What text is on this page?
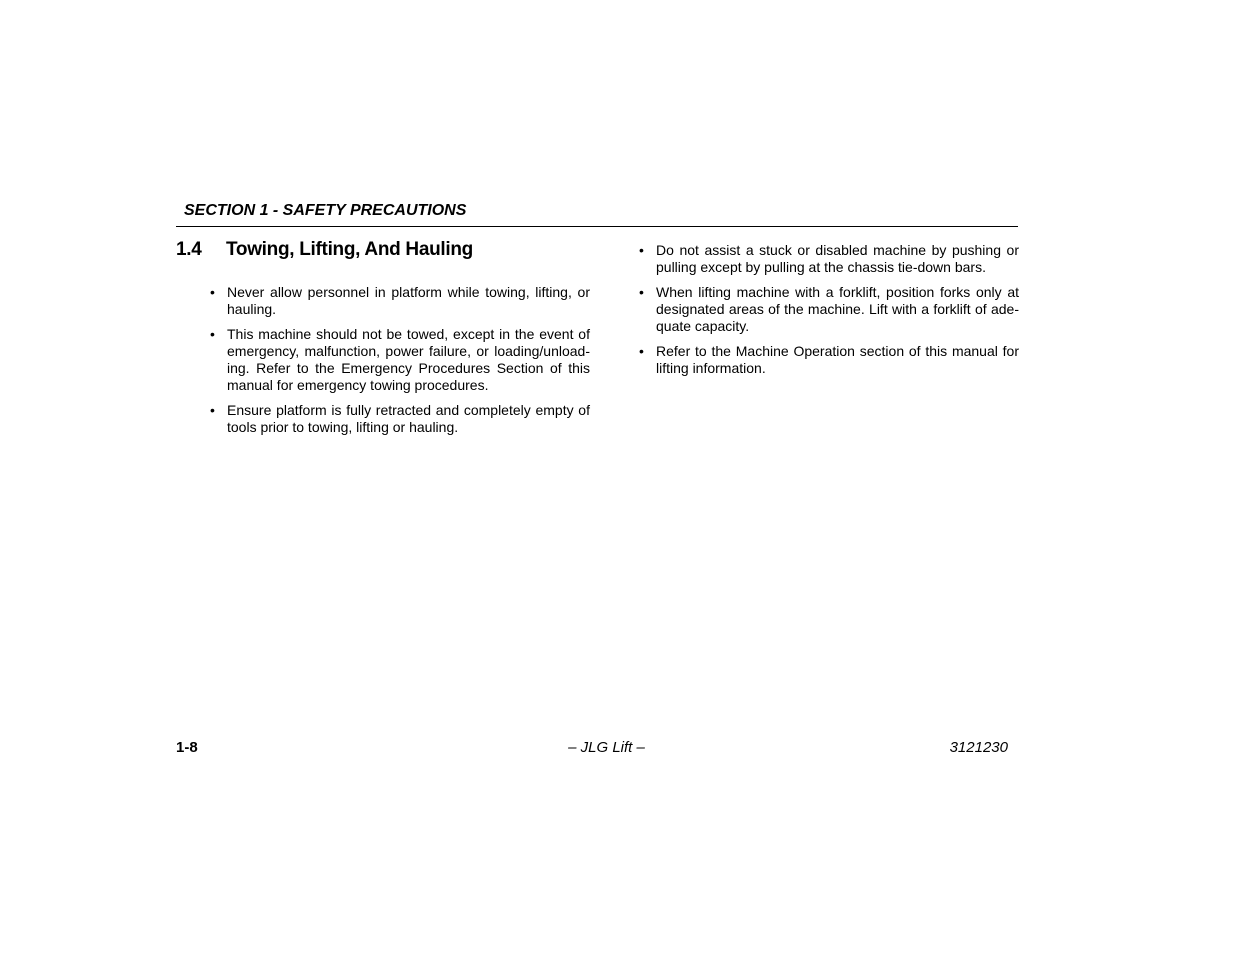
SECTION 1 - SAFETY PRECAUTIONS
1.4	Towing, Lifting, And Hauling
• Never allow personnel in platform while towing, lifting, or hauling.
• This machine should not be towed, except in the event of emergency, malfunction, power failure, or loading/unload-ing. Refer to the Emergency Procedures Section of this manual for emergency towing procedures.
• Ensure platform is fully retracted and completely empty of tools prior to towing, lifting or hauling.
• Do not assist a stuck or disabled machine by pushing or pulling except by pulling at the chassis tie-down bars.
• When lifting machine with a forklift, position forks only at designated areas of the machine. Lift with a forklift of ade-quate capacity.
• Refer to the Machine Operation section of this manual for lifting information.
1-8	– JLG Lift –	3121230
